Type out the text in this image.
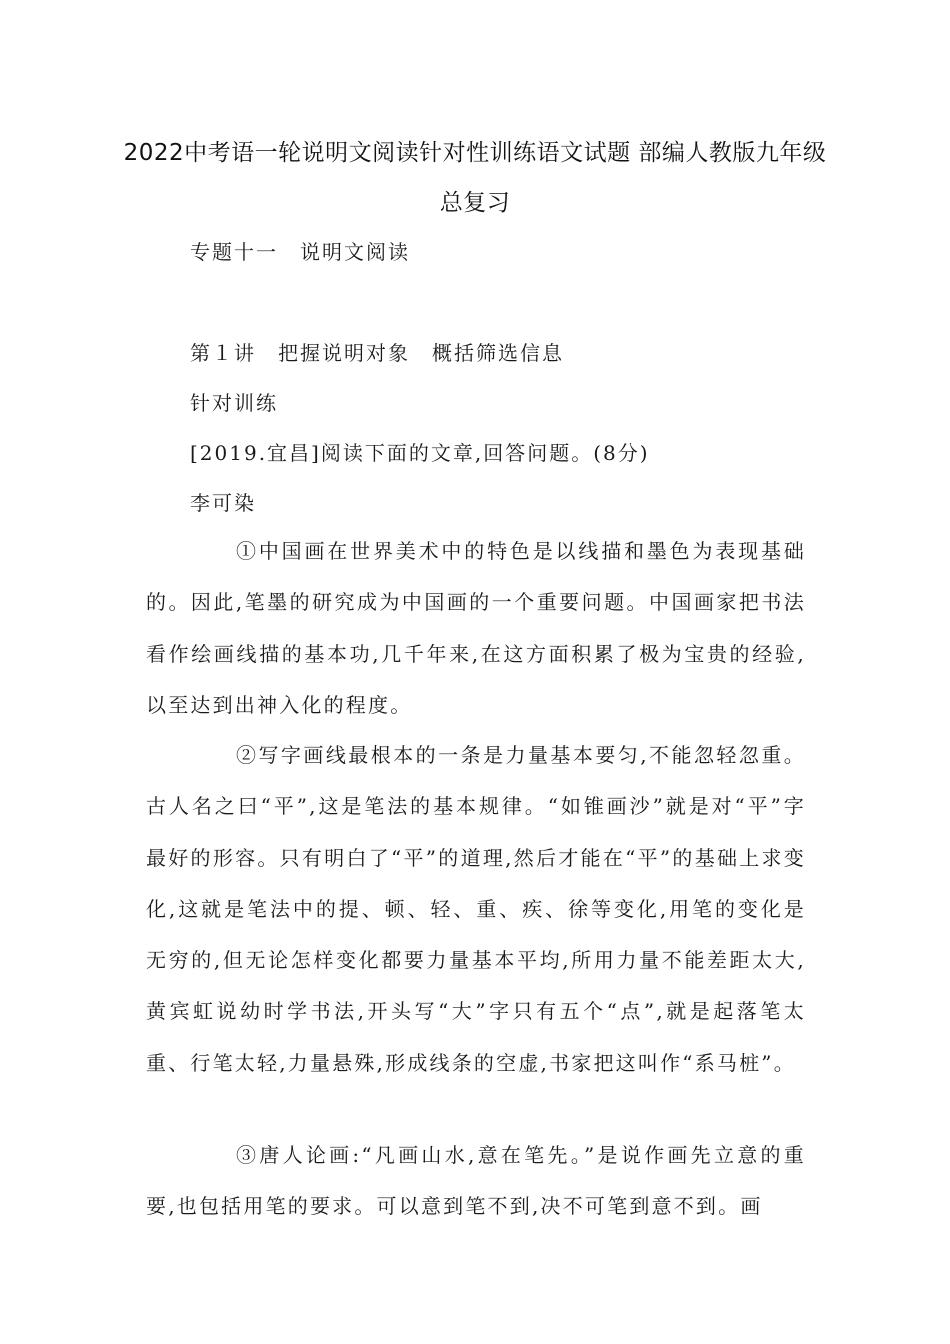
2022中考语一轮说明文阅读针对性训练语文试题 部编人教版九年级总复习
专题十一　说明文阅读
第１讲　把握说明对象　概括筛选信息
针对训练
[2019.宜昌]阅读下面的文章,回答问题。(8分)
李可染

①中国画在世界美术中的特色是以线描和墨色为表现基础的。因此,笔墨的研究成为中国画的一个重要问题。中国画家把书法看作绘画线描的基本功,几千年来,在这方面积累了极为宝贵的经验,以至达到出神入化的程度。

②写字画线最根本的一条是力量基本要匀,不能忽轻忽重。古人名之曰“平”,这是笔法的基本规律。“如锥画沙”就是对“平”字最好的形容。只有明白了“平”的道理,然后才能在“平”的基础上求变化,这就是笔法中的提、顿、轻、重、疾、徐等变化,用笔的变化是无穷的,但无论怎样变化都要力量基本平均,所用力量不能差距太大,黄宾虹说幼时学书法,开头写“大”字只有五个“点”,就是起落笔太重、行笔太轻,力量悬殊,形成线条的空虚,书家把这叫作“系马桩”。

③唐人论画:“凡画山水,意在笔先。”是说作画先立意的重要,也包括用笔的要求。可以意到笔不到,决不可笔到意不到。画
